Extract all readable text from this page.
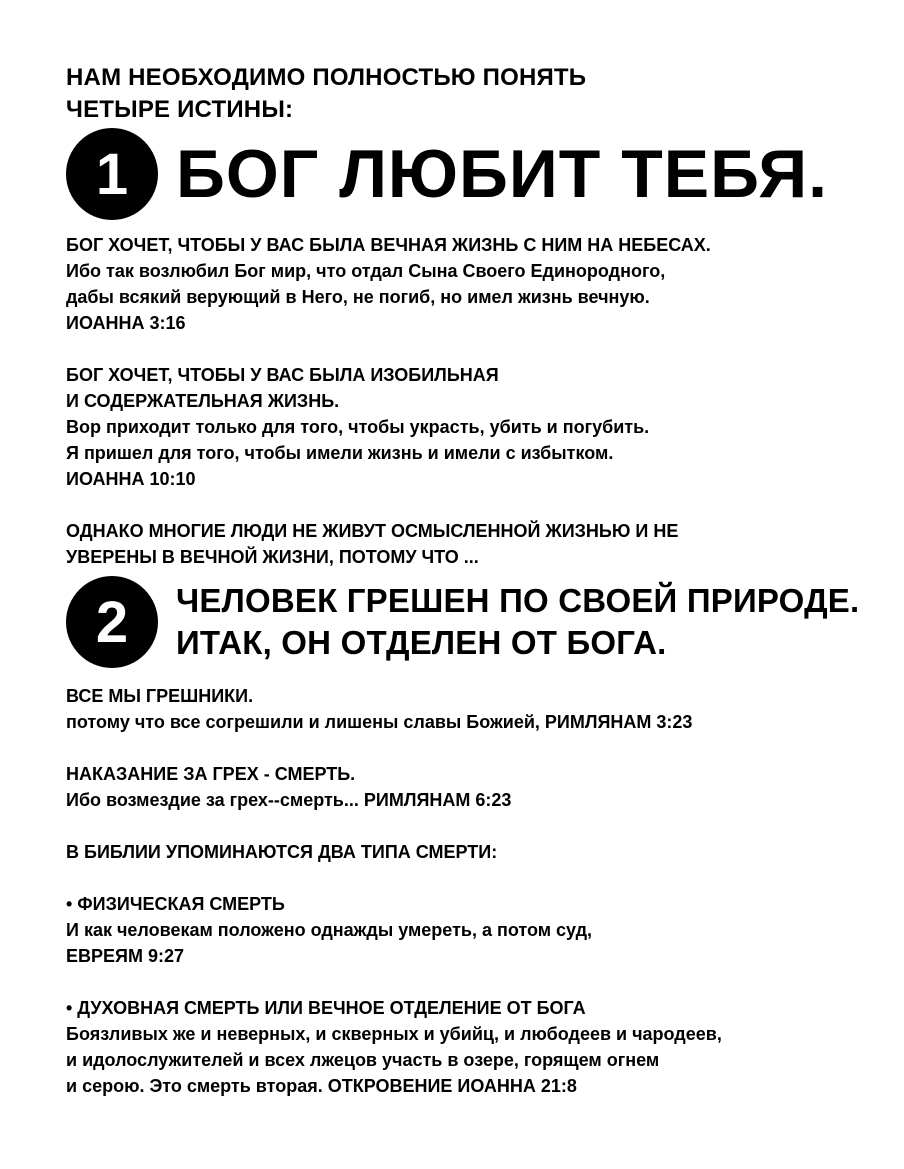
НАМ НЕОБХОДИМО ПОЛНОСТЬЮ ПОНЯТЬ
ЧЕТЫРЕ ИСТИНЫ:
1 БОГ ЛЮБИТ ТЕБЯ.
БОГ ХОЧЕТ, ЧТОБЫ У ВАС БЫЛА ВЕЧНАЯ ЖИЗНЬ С НИМ НА НЕБЕСАХ.
Ибо так возлюбил Бог мир, что отдал Сына Своего Единородного,
дабы всякий верующий в Него, не погиб, но имел жизнь вечную.
ИОАННА 3:16
БОГ ХОЧЕТ, ЧТОБЫ У ВАС БЫЛА ИЗОБИЛЬНАЯ
И СОДЕРЖАТЕЛЬНАЯ ЖИЗНЬ.
Вор приходит только для того, чтобы украсть, убить и погубить.
Я пришел для того, чтобы имели жизнь и имели с избытком.
ИОАННА 10:10
ОДНАКО МНОГИЕ ЛЮДИ НЕ ЖИВУТ ОСМЫСЛЕННОЙ ЖИЗНЬЮ И НЕ
УВЕРЕНЫ В ВЕЧНОЙ ЖИЗНИ, ПОТОМУ ЧТО ...
2	ЧЕЛОВЕК ГРЕШЕН ПО СВОЕЙ ПРИРОДЕ.
ИТАК, ОН ОТДЕЛЕН ОТ БОГА.
ВСЕ МЫ ГРЕШНИКИ.
потому что все согрешили и лишены славы Божией, РИМЛЯНАМ 3:23
НАКАЗАНИЕ ЗА ГРЕХ - СМЕРТЬ.
Ибо возмездие за грех--смерть... РИМЛЯНАМ 6:23
В БИБЛИИ УПОМИНАЮТСЯ ДВА ТИПА СМЕРТИ:
• ФИЗИЧЕСКАЯ СМЕРТЬ
И как человекам положено однажды умереть, а потом суд,
ЕВРЕЯМ 9:27
• ДУХОВНАЯ СМЕРТЬ ИЛИ ВЕЧНОЕ ОТДЕЛЕНИЕ ОТ БОГА
Боязливых же и неверных, и скверных и убийц, и любодеев и чародеев,
и идолослужителей и всех лжецов участь в озере, горящем огнем
и серою. Это смерть вторая. ОТКРОВЕНИЕ ИОАННА 21:8
